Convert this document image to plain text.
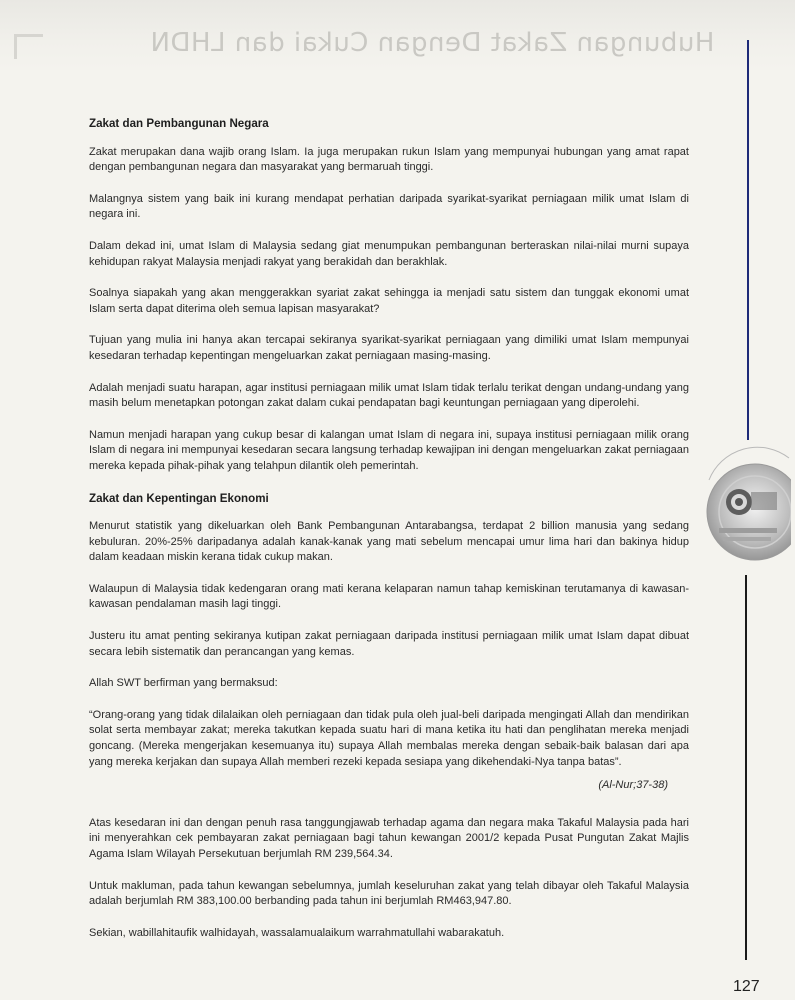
Hubungan Zakat Dengan Cukai dan LHDN
Zakat dan Pembangunan Negara

Zakat merupakan dana wajib orang Islam. Ia juga merupakan rukun Islam yang mempunyai hubungan yang amat rapat dengan pembangunan negara dan masyarakat yang bermaruah tinggi.

Malangnya sistem yang baik ini kurang mendapat perhatian daripada syarikat-syarikat perniagaan milik umat Islam di negara ini.

Dalam dekad ini, umat Islam di Malaysia sedang giat menumpukan pembangunan berteraskan nilai-nilai murni supaya kehidupan rakyat Malaysia menjadi rakyat yang berakidah dan berakhlak.

Soalnya siapakah yang akan menggerakkan syariat zakat sehingga ia menjadi satu sistem dan tunggak ekonomi umat Islam serta dapat diterima oleh semua lapisan masyarakat?

Tujuan yang mulia ini hanya akan tercapai sekiranya syarikat-syarikat perniagaan yang dimiliki umat Islam mempunyai kesedaran terhadap kepentingan mengeluarkan zakat perniagaan masing-masing.

Adalah menjadi suatu harapan, agar institusi perniagaan milik umat Islam tidak terlalu terikat dengan undang-undang yang masih belum menetapkan potongan zakat dalam cukai pendapatan bagi keuntungan perniagaan yang diperolehi.

Namun menjadi harapan yang cukup besar di kalangan umat Islam di negara ini, supaya institusi perniagaan milik orang Islam di negara ini mempunyai kesedaran secara langsung terhadap kewajipan ini dengan mengeluarkan zakat perniagaan mereka kepada pihak-pihak yang telahpun dilantik oleh pemerintah.

Zakat dan Kepentingan Ekonomi

Menurut statistik yang dikeluarkan oleh Bank Pembangunan Antarabangsa, terdapat 2 billion manusia yang sedang kebuluran. 20%-25% daripadanya adalah kanak-kanak yang mati sebelum mencapai umur lima hari dan bakinya hidup dalam keadaan miskin kerana tidak cukup makan.

Walaupun di Malaysia tidak kedengaran orang mati kerana kelaparan namun tahap kemiskinan terutamanya di kawasan-kawasan pendalaman masih lagi tinggi.

Justeru itu amat penting sekiranya kutipan zakat perniagaan daripada institusi perniagaan milik umat Islam dapat dibuat secara lebih sistematik dan perancangan yang kemas.

Allah SWT berfirman yang bermaksud:

“Orang-orang yang tidak dilalaikan oleh perniagaan dan tidak pula oleh jual-beli daripada mengingati Allah dan mendirikan solat serta membayar zakat; mereka takutkan kepada suatu hari di mana ketika itu hati dan penglihatan mereka menjadi goncang. (Mereka mengerjakan kesemuanya itu) supaya Allah membalas mereka dengan sebaik-baik balasan dari apa yang mereka kerjakan dan supaya Allah memberi rezeki kepada sesiapa yang dikehendaki-Nya tanpa batas”.

(Al-Nur;37-38)

Atas kesedaran ini dan dengan penuh rasa tanggungjawab terhadap agama dan negara maka Takaful Malaysia pada hari ini menyerahkan cek pembayaran zakat perniagaan bagi tahun kewangan 2001/2 kepada Pusat Pungutan Zakat Majlis Agama Islam Wilayah Persekutuan berjumlah RM 239,564.34.

Untuk makluman, pada tahun kewangan sebelumnya, jumlah keseluruhan zakat yang telah dibayar oleh Takaful Malaysia adalah berjumlah RM 383,100.00 berbanding pada tahun ini berjumlah RM463,947.80.

Sekian, wabillahitaufik walhidayah, wassalamualaikum warrahmatullahi wabarakatuh.

127
